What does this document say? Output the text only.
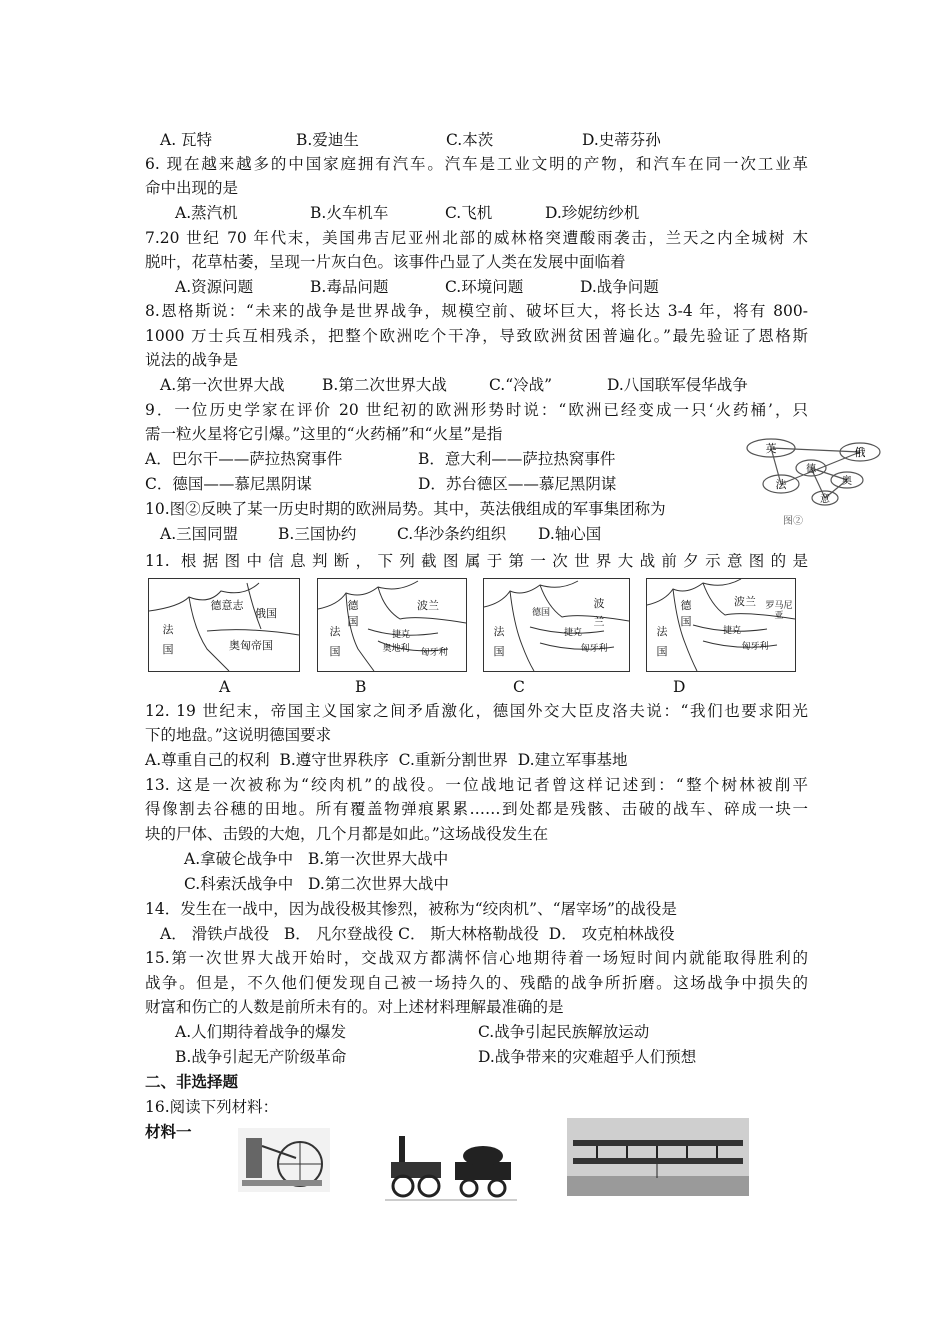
A. 瓦特	B.爱迪生	C.本茨	D.史蒂芬孙
6. 现在越来越多的中国家庭拥有汽车。汽车是工业文明的产物，和汽车在同一次工业革
命中出现的是
A.蒸汽机	B.火车机车	C.飞机	D.珍妮纺纱机
7.20 世纪 70 年代末，美国弗吉尼亚州北部的威林格突遭酸雨袭击，兰天之内全城树 木
脱叶，花草枯萎，呈现一片灰白色。该事件凸显了人类在发展中面临着
A.资源问题	B.毒品问题	C.环境问题	D.战争问题
8.恩格斯说：“未来的战争是世界战争，规模空前、破坏巨大，将长达 3-4 年，将有 800-
1000 万士兵互相残杀，把整个欧洲吃个干净，导致欧洲贫困普遍化。”最先验证了恩格斯
说法的战争是
A.第一次世界大战 B.第二次世界大战	C.“冷战”	D.八国联军侵华战争
9．一位历史学家在评价 20 世纪初的欧洲形势时说：“欧洲已经变成一只‘火药桶’，只
需一粒火星将它引爆。”这里的“火药桶”和“火星”是指
A．巴尔干——萨拉热窝事件	B．意大利——萨拉热窝事件
C．德国——慕尼黑阴谋	D．苏台德区——慕尼黑阴谋
英	俄
德
奥
法
意
图②
10.图②反映了某一历史时期的欧洲局势。其中，英法俄组成的军事集团称为
A.三国同盟	B.三国协约	C.华沙条约组织 D.轴心国
11. 根据图中信息判断，下列截图属于第一次世界大战前夕示意图的是
德意志
俄国
法
国	奥匈帝国
德
国
波兰
法
国
捷克
奥地利	匈牙利
波
兰
法
国
德国
捷克
匈牙利
德
国
波兰
法
国
捷克
匈牙利
罗马尼亚
A	B	C	D
12. 19 世纪末，帝国主义国家之间矛盾激化，德国外交大臣皮洛夫说：“我们也要求阳光
下的地盘。”这说明德国要求
A.尊重自己的权利  B.遵守世界秩序  C.重新分割世界  D.建立军事基地
13. 这是一次被称为“绞肉机”的战役。一位战地记者曾这样记述到：“整个树林被削平
得像割去谷穗的田地。所有覆盖物弹痕累累……到处都是残骸、击破的战车、碎成一块一
块的尸体、击毁的大炮，几个月都是如此。”这场战役发生在
A.拿破仑战争中   B.第一次世界大战中
C.科索沃战争中   D.第二次世界大战中
14．发生在一战中，因为战役极其惨烈，被称为“绞肉机”、“屠宰场”的战役是
A． 滑铁卢战役   B． 凡尔登战役 C． 斯大林格勒战役  D． 攻克柏林战役
15.第一次世界大战开始时，交战双方都满怀信心地期待着一场短时间内就能取得胜利的
战争。但是，不久他们便发现自己被一场持久的、残酷的战争所折磨。这场战争中损失的
财富和伤亡的人数是前所未有的。对上述材料理解最准确的是
A.人们期待着战争的爆发	C.战争引起民族解放运动
B.战争引起无产阶级革命	D.战争带来的灾难超乎人们预想
二、非选择题
16.阅读下列材料：
材料一
